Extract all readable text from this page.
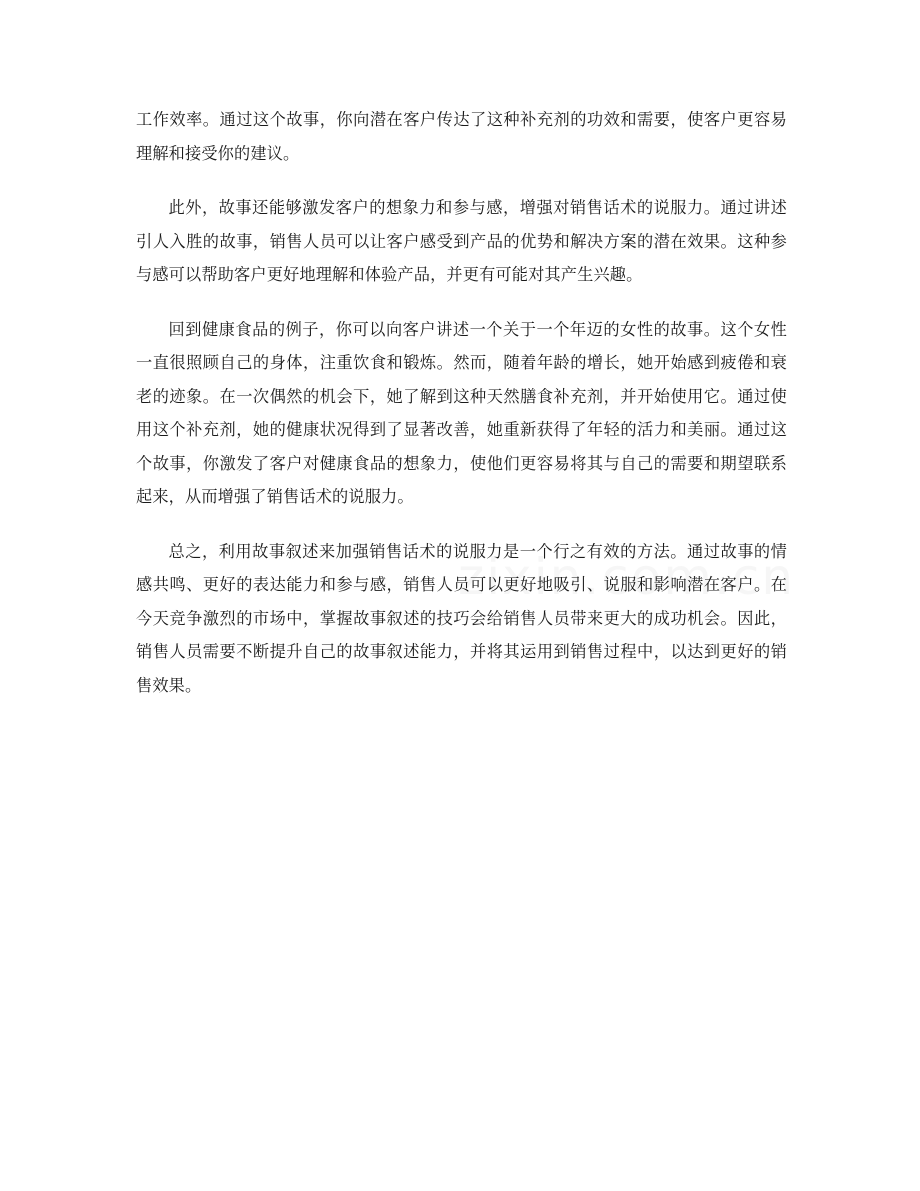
工作效率。通过这个故事，你向潜在客户传达了这种补充剂的功效和需要，使客户更容易理解和接受你的建议。

此外，故事还能够激发客户的想象力和参与感，增强对销售话术的说服力。通过讲述引人入胜的故事，销售人员可以让客户感受到产品的优势和解决方案的潜在效果。这种参与感可以帮助客户更好地理解和体验产品，并更有可能对其产生兴趣。

回到健康食品的例子，你可以向客户讲述一个关于一个年迈的女性的故事。这个女性一直很照顾自己的身体，注重饮食和锻炼。然而，随着年龄的增长，她开始感到疲倦和衰老的迹象。在一次偶然的机会下，她了解到这种天然膳食补充剂，并开始使用它。通过使用这个补充剂，她的健康状况得到了显著改善，她重新获得了年轻的活力和美丽。通过这个故事，你激发了客户对健康食品的想象力，使他们更容易将其与自己的需要和期望联系起来，从而增强了销售话术的说服力。

总之，利用故事叙述来加强销售话术的说服力是一个行之有效的方法。通过故事的情感共鸣、更好的表达能力和参与感，销售人员可以更好地吸引、说服和影响潜在客户。在今天竞争激烈的市场中，掌握故事叙述的技巧会给销售人员带来更大的成功机会。因此，销售人员需要不断提升自己的故事叙述能力，并将其运用到销售过程中，以达到更好的销售效果。
